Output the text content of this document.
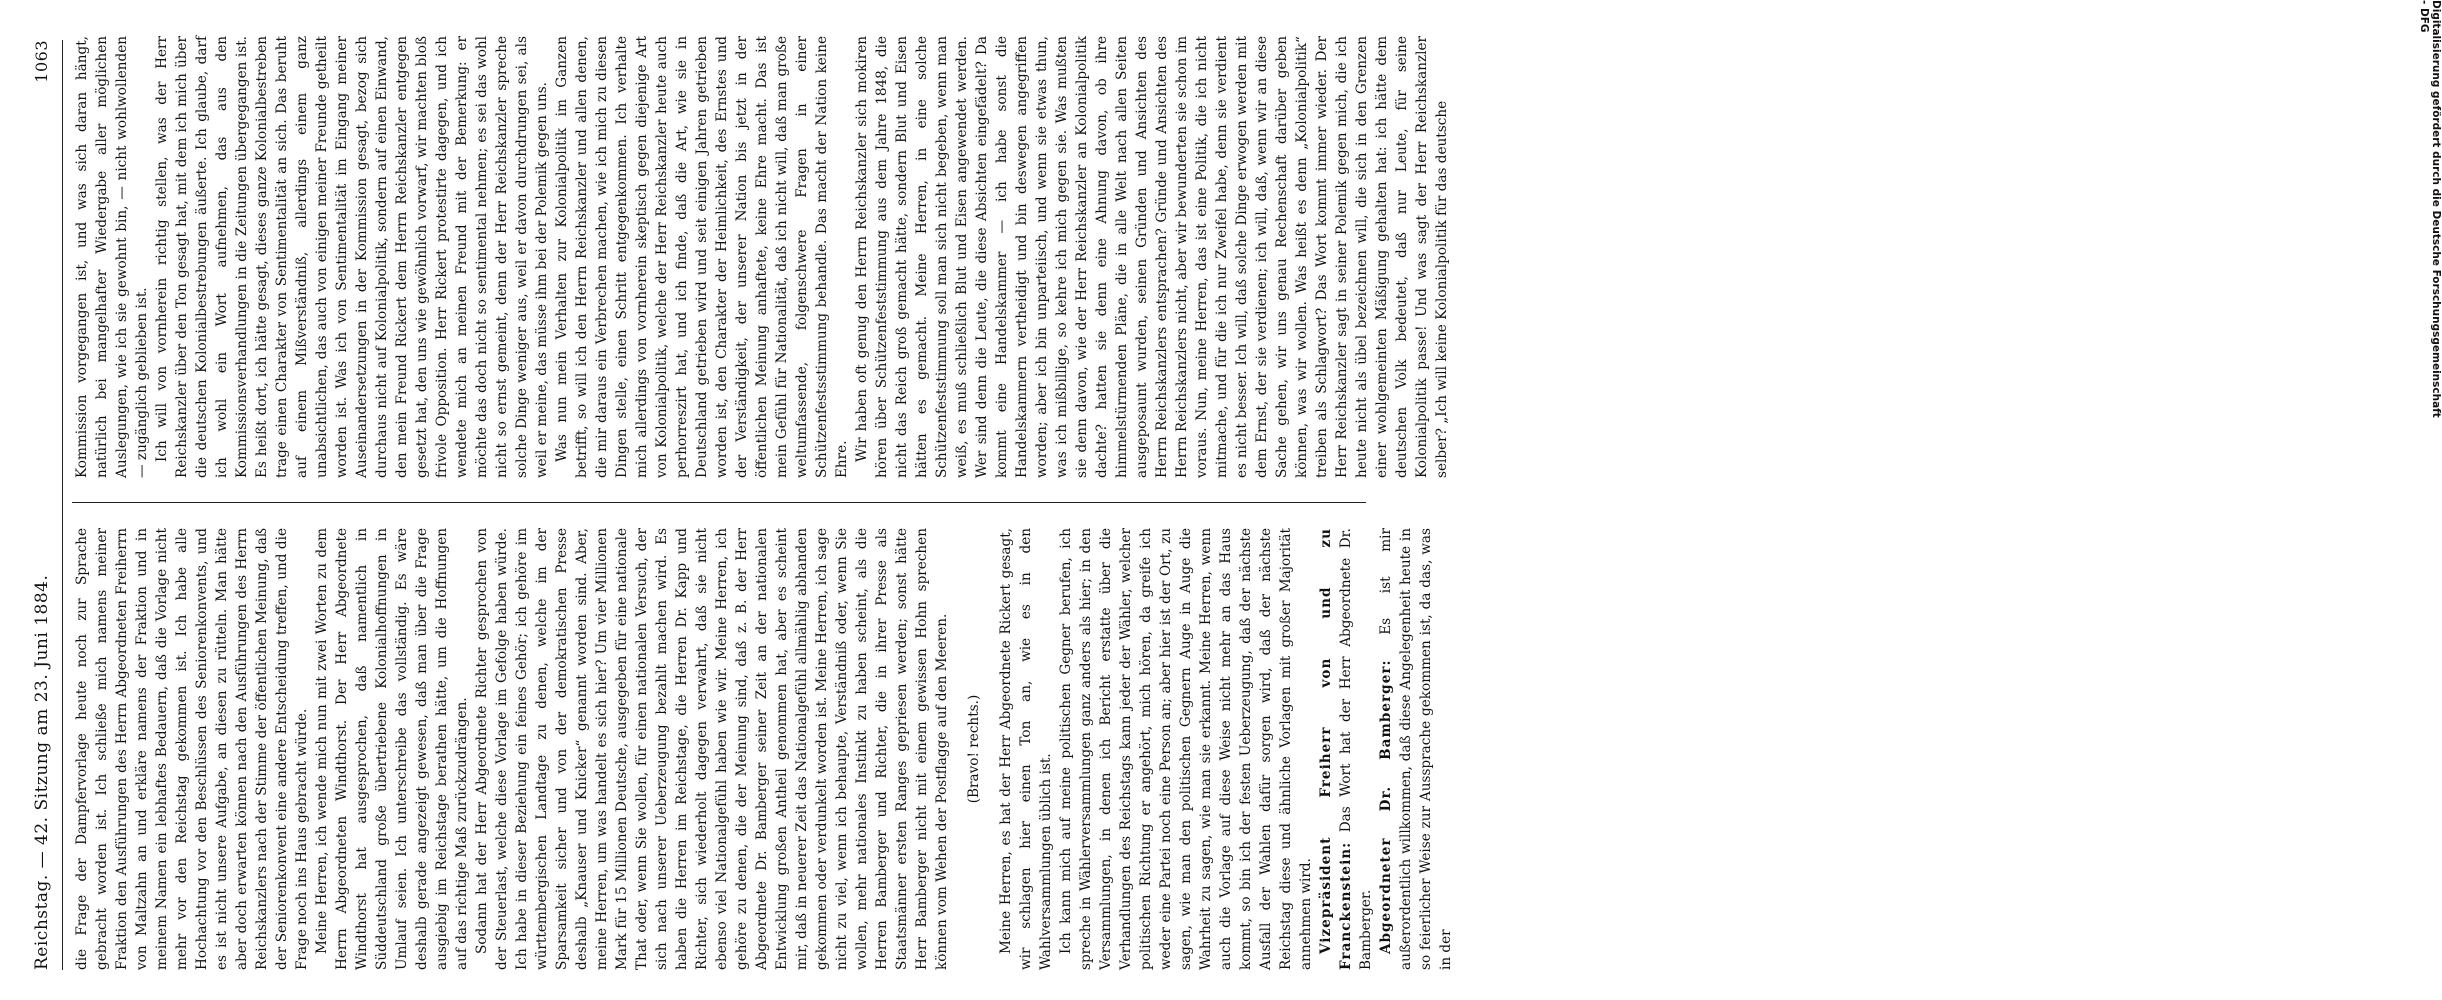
Reichstag. — 42. Sitzung am 23. Juni 1884.
1063

die Frage der Dampfervorlage heute noch zur Sprache gebracht worden ist. Ich schließe mich namens meiner Fraktion den Ausführungen des Herrn Abgeordneten Freiherrn von Maltzahn an und erkläre namens der Fraktion und in meinem Namen ein lebhaftes Bedauern, daß die Vorlage nicht mehr vor den Reichstag gekommen ist. Ich habe alle Hochachtung vor den Beschlüssen des Seniorenkonvents, und es ist nicht unsere Aufgabe, an diesen zu rütteln. Man hätte aber doch erwarten können nach den Ausführungen des Herrn Reichskanzlers nach der Stimme der öffentlichen Meinung, daß der Seniorenkonvent eine andere Entscheidung treffen, und die Frage noch ins Haus gebracht würde. Meine Herren, ich wende mich nun mit zwei Worten zu dem Herrn Abgeordneten Windthorst. Der Herr Abgeordnete Windthorst hat ausgesprochen, daß namentlich in Süddeutschland große übertriebene Kolonialhoffnungen in Umlauf seien. Ich unterschreibe das vollständig. Es wäre deshalb gerade angezeigt gewesen, daß man über die Frage ausgiebig im Reichstage berathen hätte, um die Hoffnungen auf das richtige Maß zurückzudrängen. Sodann hat der Herr Abgeordnete Richter gesprochen von der Steuerlast, welche diese Vorlage im Gefolge haben würde. Ich habe in dieser Beziehung ein feines Gehör; ich gehöre im württembergischen Landtage zu denen, welche im der Sparsamkeit sicher und von der demokratischen Presse deshalb „Knauser und Knicker“ genannt worden sind. Aber, meine Herren, um was handelt es sich hier? Um vier Millionen Mark für 15 Millionen Deutsche, ausgegeben für eine nationale That oder, wenn Sie wollen, für einen nationalen Versuch, der sich nach unserer Ueberzeugung bezahlt machen wird. Es haben die Herren im Reichstage, die Herren Dr. Kapp und Richter, sich wiederholt dagegen verwahrt, daß sie nicht ebenso viel Nationalgefühl haben wie wir. Meine Herren, ich gehöre zu denen, die der Meinung sind, daß z. B. der Herr Abgeordnete Dr. Bamberger seiner Zeit an der nationalen Entwicklung großen Antheil genommen hat, aber es scheint mir, daß in neuerer Zeit das Nationalgefühl allmählig abhanden gekommen oder verdunkelt worden ist. Meine Herren, ich sage nicht zu viel, wenn ich behaupte, Verständniß oder, wenn Sie wollen, mehr nationales Instinkt zu haben scheint, als die Herren Bamberger und Richter, die in ihrer Presse als Staatsmänner ersten Ranges gepriesen werden; sonst hätte Herr Bamberger nicht mit einem gewissen Hohn sprechen können vom Wehen der Postflagge auf den Meeren. (Bravo! rechts.) Meine Herren, es hat der Herr Abgeordnete Rickert gesagt, wir schlagen hier einen Ton an, wie es in den Wahlversammlungen üblich ist. Ich kann mich auf meine politischen Gegner berufen, ich spreche in Wählerversammlungen ganz anders als hier; in den Versammlungen, in denen ich Bericht erstatte über die Verhandlungen des Reichstags kann jeder der Wähler, welcher politischen Richtung er angehört, mich hören, da greife ich weder eine Partei noch eine Person an; aber hier ist der Ort, zu sagen, wie man den politischen Gegnern Auge in Auge die Wahrheit zu sagen, wie man sie erkannt. Meine Herren, wenn auch die Vorlage auf diese Weise nicht mehr an das Haus kommt, so bin ich der festen Ueberzeugung, daß der nächste Ausfall der Wahlen dafür sorgen wird, daß der nächste Reichstag diese und ähnliche Vorlagen mit großer Majorität annehmen wird. Vizepräsident Freiherr von und zu Franckenstein: Das Wort hat der Herr Abgeordnete Dr. Bamberger. Abgeordneter Dr. Bamberger: Es ist mir außerordentlich willkommen, daß diese Angelegenheit heute in so feierlicher Weise zur Aussprache gekommen ist, da das, was in der

Kommission vorgegangen ist, und was sich daran hängt, natürlich bei mangelhafter Wiedergabe aller möglichen Auslegungen, wie ich sie gewohnt bin, — nicht wohlwollenden — zugänglich geblieben ist. Ich will von vornherein richtig stellen, was der Herr Reichskanzler über den Ton gesagt hat, mit dem ich mich über die deutschen Kolonialbestrebungen äußerte. Ich glaube, darf ich wohl ein Wort aufnehmen, das aus den Kommissionsverhandlungen in die Zeitungen übergegangen ist. Es heißt dort, ich hätte gesagt, dieses ganze Kolonialbestreben trage einen Charakter von Sentimentalität an sich. Das beruht auf einem Mißverständniß, allerdings einem ganz unabsichtlichen, das auch von einigen meiner Freunde getheilt worden ist. Was ich von Sentimentalität im Eingang meiner Auseinandersetzungen in der Kommission gesagt, bezog sich durchaus nicht auf Kolonialpolitik, sondern auf einen Einwand, den mein Freund Rickert dem Herrn Reichskanzler entgegen gesetzt hat, den uns wie gewöhnlich vorwarf, wir machten bloß frivole Opposition. Herr Rickert protestirte dagegen, und ich wendete mich an meinen Freund mit der Bemerkung: er möchte das doch nicht so sentimental nehmen; es sei das wohl nicht so ernst gemeint, denn der Herr Reichskanzler spreche solche Dinge weniger aus, weil er davon durchdrungen sei, als weil er meine, das müsse ihm bei der Polemik gegen uns. Was nun mein Verhalten zur Kolonialpolitik im Ganzen betrifft, so will ich den Herrn Reichskanzler und allen denen, die mir daraus ein Verbrechen machen, wie ich mich zu diesen Dingen stelle, einen Schritt entgegenkommen. Ich verhalte mich allerdings von vornherein skeptisch gegen diejenige Art von Kolonialpolitik, welche der Herr Reichskanzler heute auch perhorreszirt hat, und ich finde, daß die Art, wie sie in Deutschland getrieben wird und seit einigen Jahren getrieben worden ist, den Charakter der Heimlichkeit, des Ernstes und der Verständigkeit, der unserer Nation bis jetzt in der öffentlichen Meinung anhaftete, keine Ehre macht. Das ist mein Gefühl für Nationalität, daß ich nicht will, daß man große weltumfassende, folgenschwere Fragen in einer Schützenfestsstimmung behandle. Das macht der Nation keine Ehre. Wir haben oft genug den Herrn Reichskanzler sich mokiren hören über Schützenfeststimmung aus dem Jahre 1848, die nicht das Reich groß gemacht hätte, sondern Blut und Eisen hätten es gemacht. Meine Herren, in eine solche Schützenfeststimmung soll man sich nicht begeben, wenn man weiß, es muß schließlich Blut und Eisen angewendet werden. Wer sind denn die Leute, die diese Absichten eingefädelt? Da kommt eine Handelskammer — ich habe sonst die Handelskammern vertheidigt und bin deswegen angegriffen worden; aber ich bin unparteiisch, und wenn sie etwas thun, was ich mißbillige, so kehre ich mich gegen sie. Was mußten sie denn davon, wie der Herr Reichskanzler an Kolonialpolitik dachte? hatten sie denn eine Ahnung davon, ob ihre himmelstürmenden Pläne, die in alle Welt nach allen Seiten ausgeposaunt wurden, seinen Gründen und Ansichten des Herrn Reichskanzlers entsprachen? Gründe und Ansichten des Herrn Reichskanzlers nicht, aber wir bewunderten sie schon im voraus. Nun, meine Herren, das ist eine Politik, die ich nicht mitmache, und für die ich nur Zweifel habe, denn sie verdient es nicht besser. Ich will, daß solche Dinge erwogen werden mit dem Ernst, der sie verdienen; ich will, daß, wenn wir an diese Sache gehen, wir uns genau Rechenschaft darüber geben können, was wir wollen. Was heißt es denn „Kolonialpolitik“ treiben als Schlagwort? Das Wort kommt immer wieder. Der Herr Reichskanzler sagt in seiner Polemik gegen mich, die ich heute nicht als übel bezeichnen will, die sich in den Grenzen einer wohlgemeinten Mäßigung gehalten hat: ich hätte dem deutschen Volk bedeutet, daß nur Leute, für seine Kolonialpolitik passe! Und was sagt der Herr Reichskanzler selber? „Ich will keine Kolonialpolitik für das deutsche	Digitalisierung gefördert durch die Deutsche Forschungsgemeinschaft - DFG
